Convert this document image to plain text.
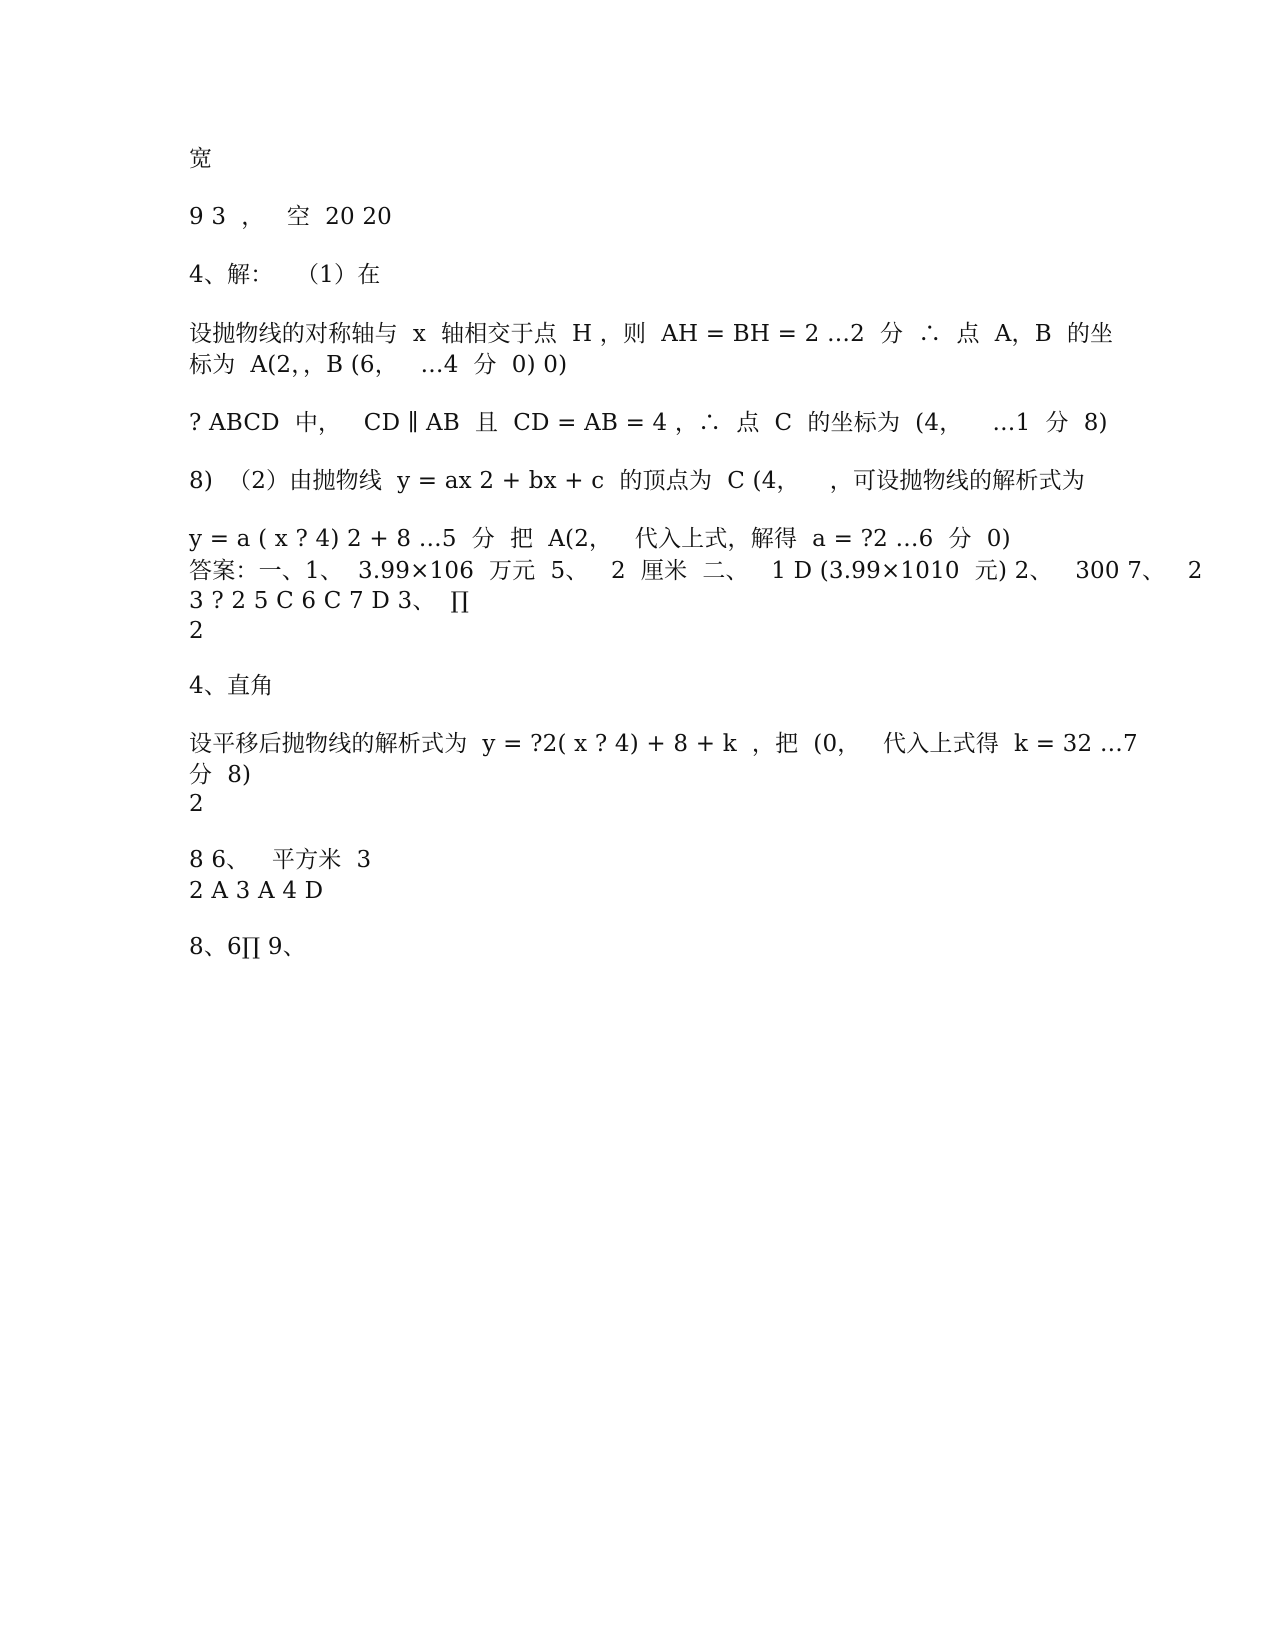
宽
9 3  ，   空  20 20
4、解：   （1）在
设抛物线的对称轴与  x  轴相交于点  H ，则  AH = BH = 2 …2  分  ∴  点  A，B  的坐
标为  A(2，，B (6，   …4  分  0) 0)
? ABCD  中，   CD ∥ AB  且  CD = AB = 4 ，∴  点  C  的坐标为  (4，    …1  分  8)
8)  （2）由抛物线  y = ax 2 + bx + c  的顶点为  C (4，    ，可设抛物线的解析式为
y = a ( x ? 4) 2 + 8 …5  分  把  A(2，   代入上式，解得  a = ?2 …6  分  0)
答案：一、1、  3.99×106  万元  5、   2  厘米  二、   1 D (3.99×1010  元) 2、   300 7、   2
3 ? 2 5 C 6 C 7 D 3、  ∏
2
4、直角
设平移后抛物线的解析式为  y = ?2( x ? 4) + 8 + k  ，把  (0，   代入上式得  k = 32 …7
分  8)
2
8 6、   平方米  3
2 A 3 A 4 D
8、6∏ 9、
